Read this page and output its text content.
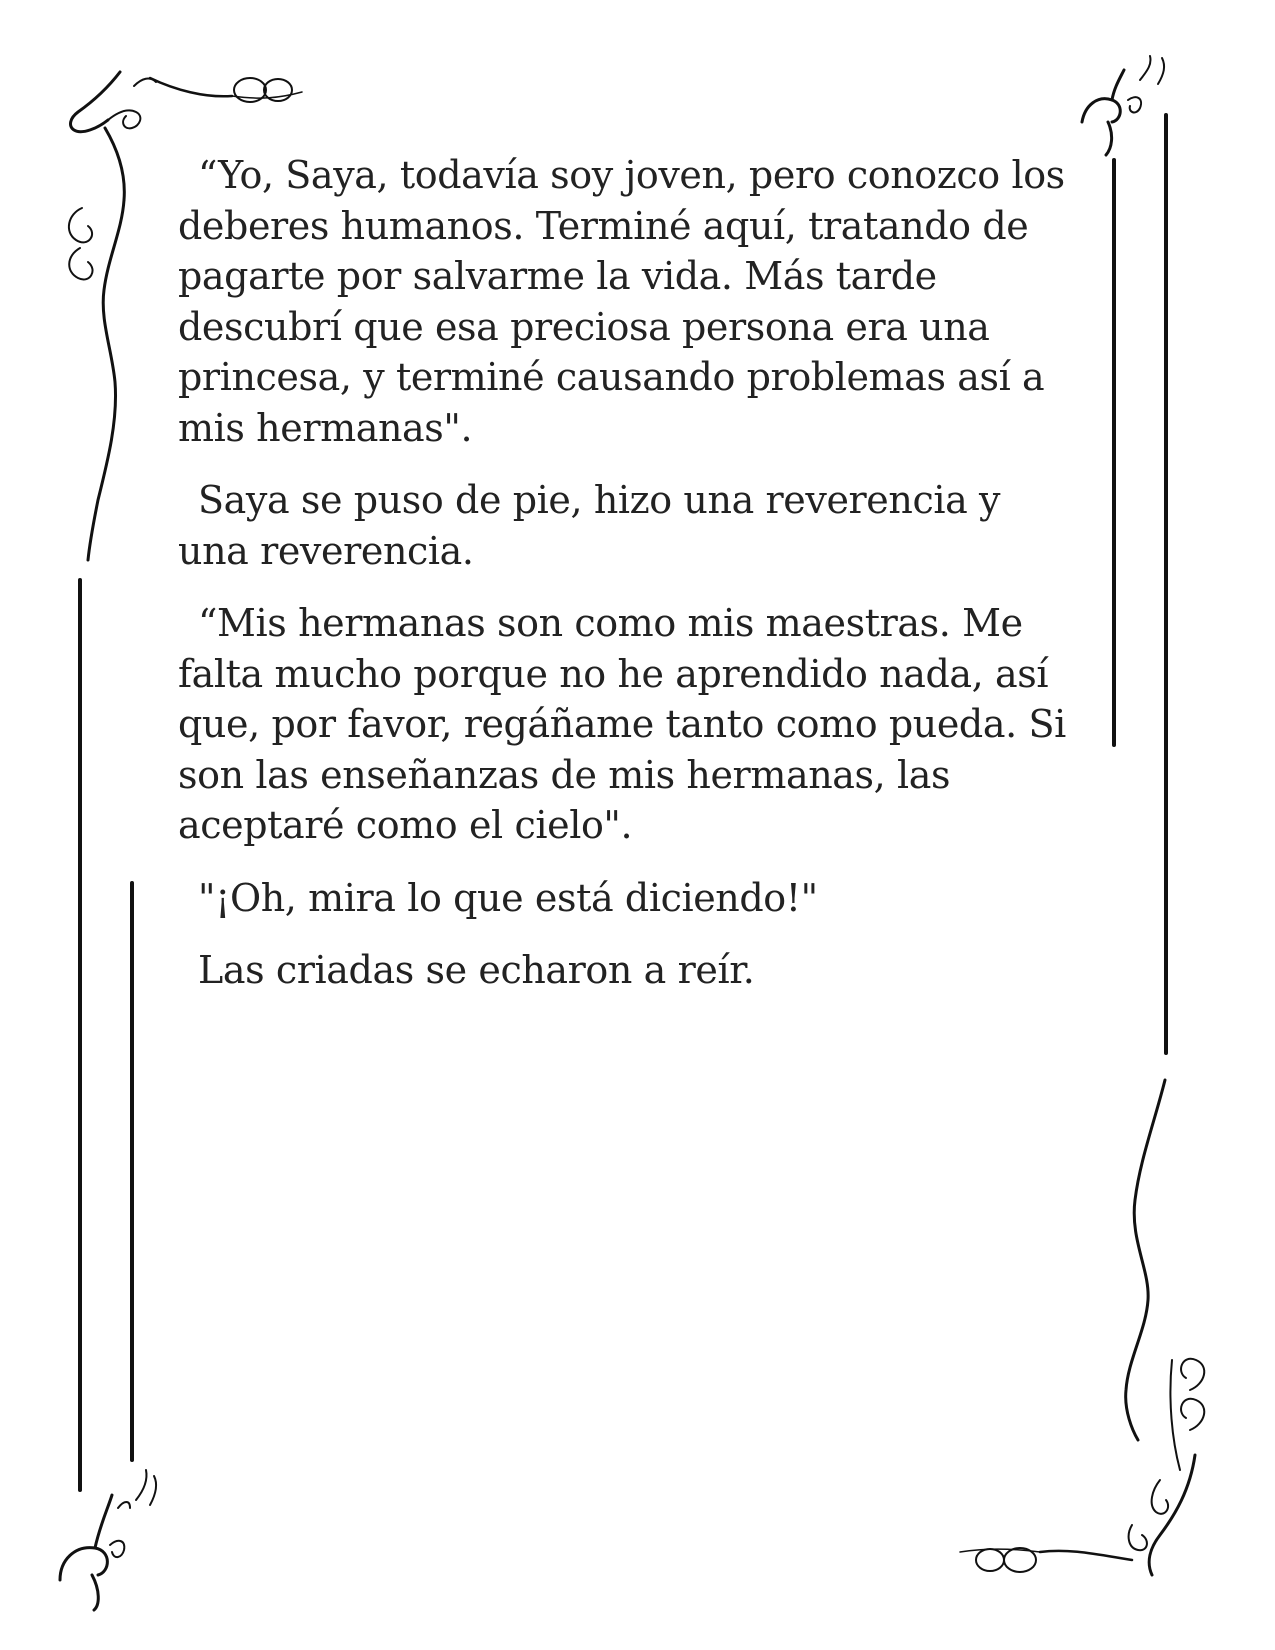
“Yo, Saya, todavía soy joven, pero conozco los deberes humanos. Terminé aquí, tratando de pagarte por salvarme la vida. Más tarde descubrí que esa preciosa persona era una princesa, y terminé causando problemas así a mis hermanas".

Saya se puso de pie, hizo una reverencia y una reverencia.

“Mis hermanas son como mis maestras. Me falta mucho porque no he aprendido nada, así que, por favor, regáñame tanto como pueda. Si son las enseñanzas de mis hermanas, las aceptaré como el cielo".

"¡Oh, mira lo que está diciendo!"

Las criadas se echaron a reír.
